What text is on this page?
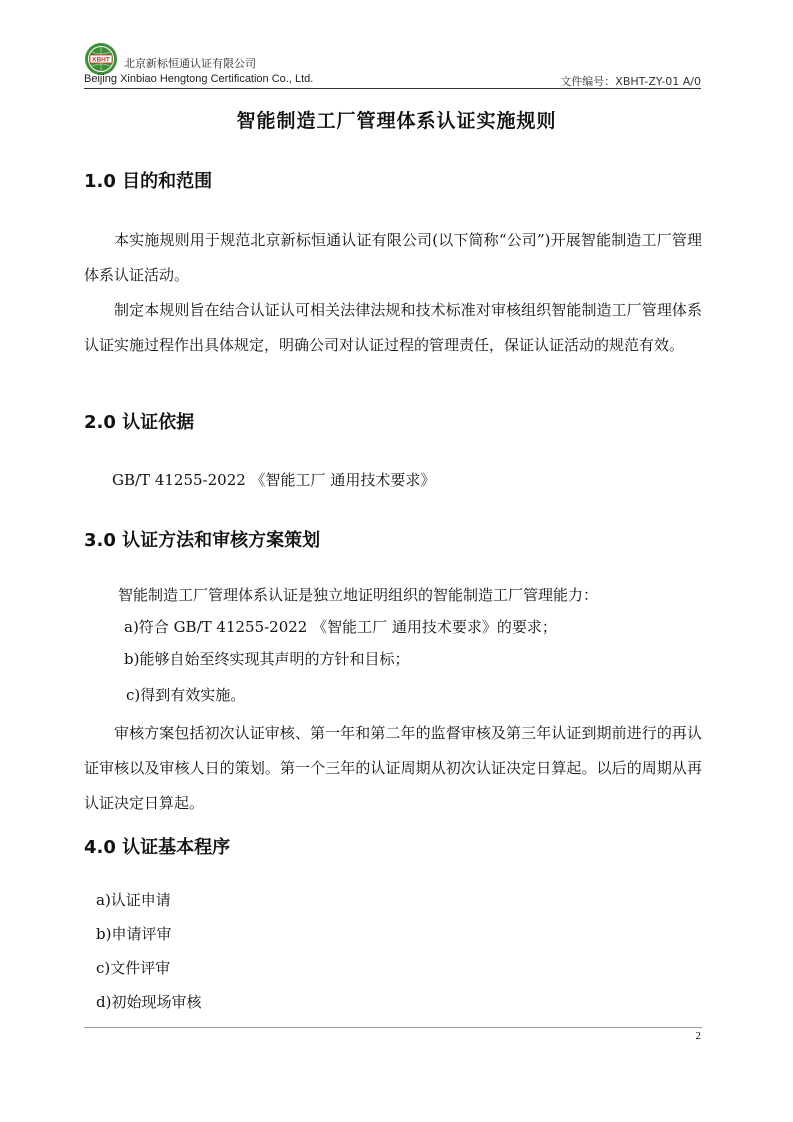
XBHT 北京新标恒通认证有限公司
Beijing Xinbiao Hengtong Certification Co., Ltd.	文件编号：XBHT-ZY-01 A/0
智能制造工厂管理体系认证实施规则
1.0 目的和范围
本实施规则用于规范北京新标恒通认证有限公司(以下简称“公司”)开展智能制造工厂管理体系认证活动。
制定本规则旨在结合认证认可相关法律法规和技术标准对审核组织智能制造工厂管理体系认证实施过程作出具体规定，明确公司对认证过程的管理责任，保证认证活动的规范有效。
2.0 认证依据
GB/T 41255-2022 《智能工厂 通用技术要求》
3.0 认证方法和审核方案策划
智能制造工厂管理体系认证是独立地证明组织的智能制造工厂管理能力：
a)符合 GB/T 41255-2022 《智能工厂 通用技术要求》的要求；
b)能够自始至终实现其声明的方针和目标；
c)得到有效实施。
审核方案包括初次认证审核、第一年和第二年的监督审核及第三年认证到期前进行的再认证审核以及审核人日的策划。第一个三年的认证周期从初次认证决定日算起。以后的周期从再认证决定日算起。
4.0 认证基本程序
a)认证申请
b)申请评审
c)文件评审
d)初始现场审核
2
